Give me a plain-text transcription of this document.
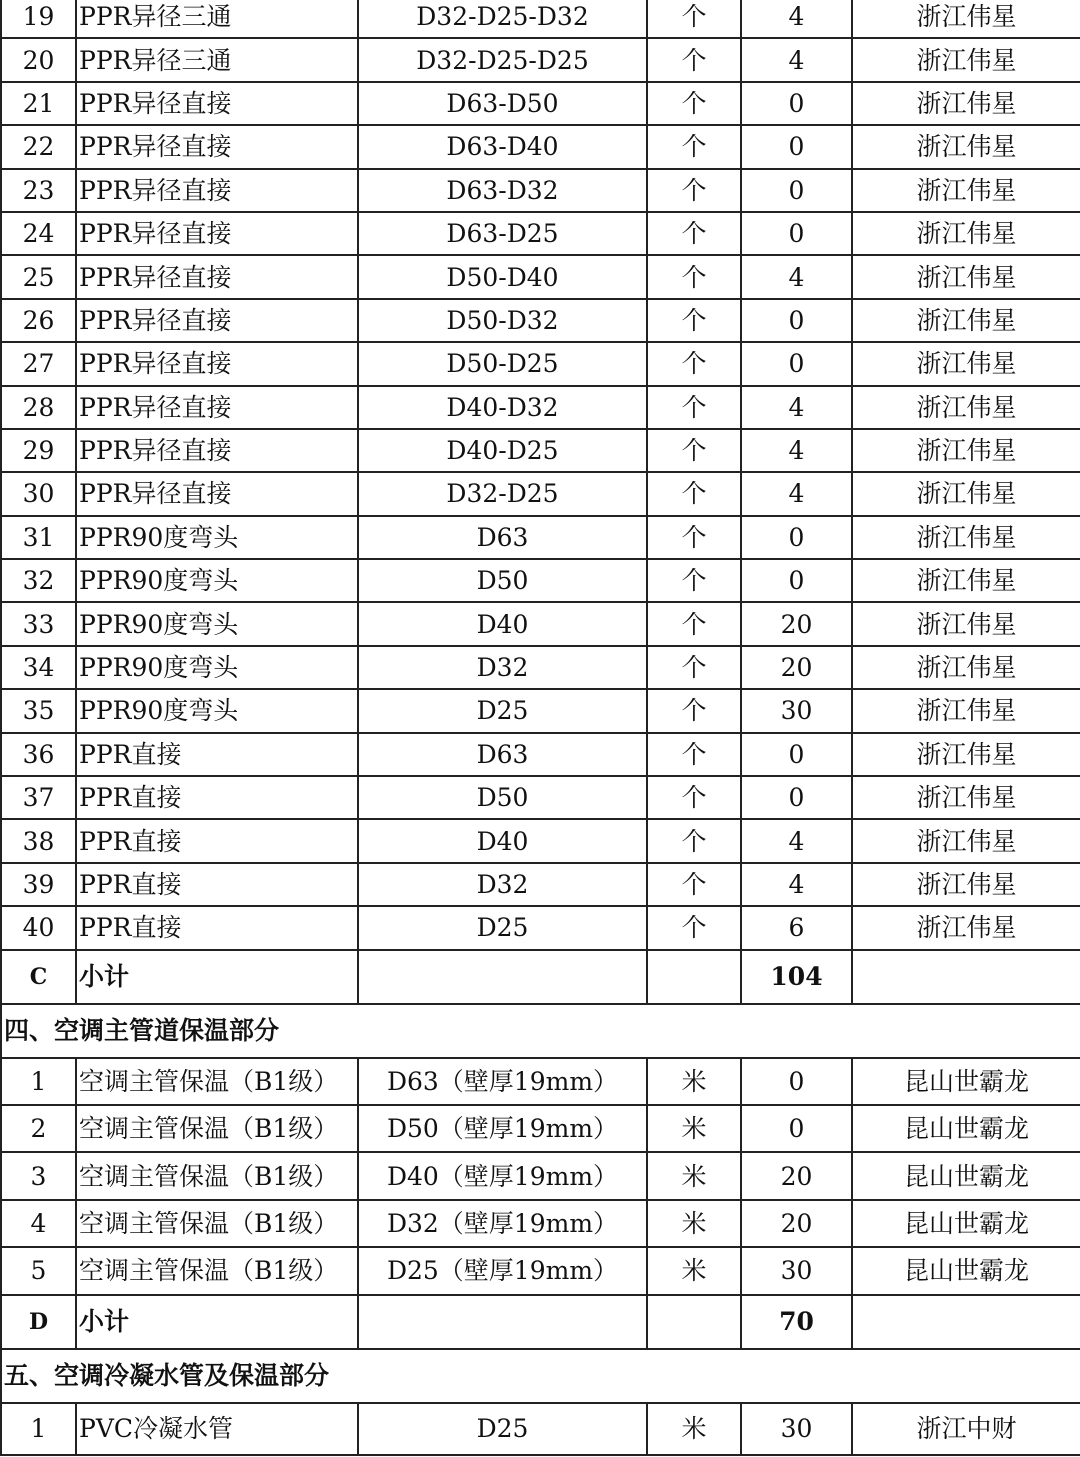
19	PPR异径三通	D32-D25-D32	个	4	浙江伟星
20	PPR异径三通	D32-D25-D25	个	4	浙江伟星
21	PPR异径直接	D63-D50	个	0	浙江伟星
22	PPR异径直接	D63-D40	个	0	浙江伟星
23	PPR异径直接	D63-D32	个	0	浙江伟星
24	PPR异径直接	D63-D25	个	0	浙江伟星
25	PPR异径直接	D50-D40	个	4	浙江伟星
26	PPR异径直接	D50-D32	个	0	浙江伟星
27	PPR异径直接	D50-D25	个	0	浙江伟星
28	PPR异径直接	D40-D32	个	4	浙江伟星
29	PPR异径直接	D40-D25	个	4	浙江伟星
30	PPR异径直接	D32-D25	个	4	浙江伟星
31	PPR90度弯头	D63	个	0	浙江伟星
32	PPR90度弯头	D50	个	0	浙江伟星
33	PPR90度弯头	D40	个	20	浙江伟星
34	PPR90度弯头	D32	个	20	浙江伟星
35	PPR90度弯头	D25	个	30	浙江伟星
36	PPR直接	D63	个	0	浙江伟星
37	PPR直接	D50	个	0	浙江伟星
38	PPR直接	D40	个	4	浙江伟星
39	PPR直接	D32	个	4	浙江伟星
40	PPR直接	D25	个	6	浙江伟星
C	小计			104	
四、空调主管道保温部分					
1	空调主管保温（B1级）	D63（壁厚19mm）	米	0	昆山世霸龙
2	空调主管保温（B1级）	D50（壁厚19mm）	米	0	昆山世霸龙
3	空调主管保温（B1级）	D40（壁厚19mm）	米	20	昆山世霸龙
4	空调主管保温（B1级）	D32（壁厚19mm）	米	20	昆山世霸龙
5	空调主管保温（B1级）	D25（壁厚19mm）	米	30	昆山世霸龙
D	小计			70	
五、空调冷凝水管及保温部分					
1	PVC冷凝水管	D25	米	30	浙江中财
